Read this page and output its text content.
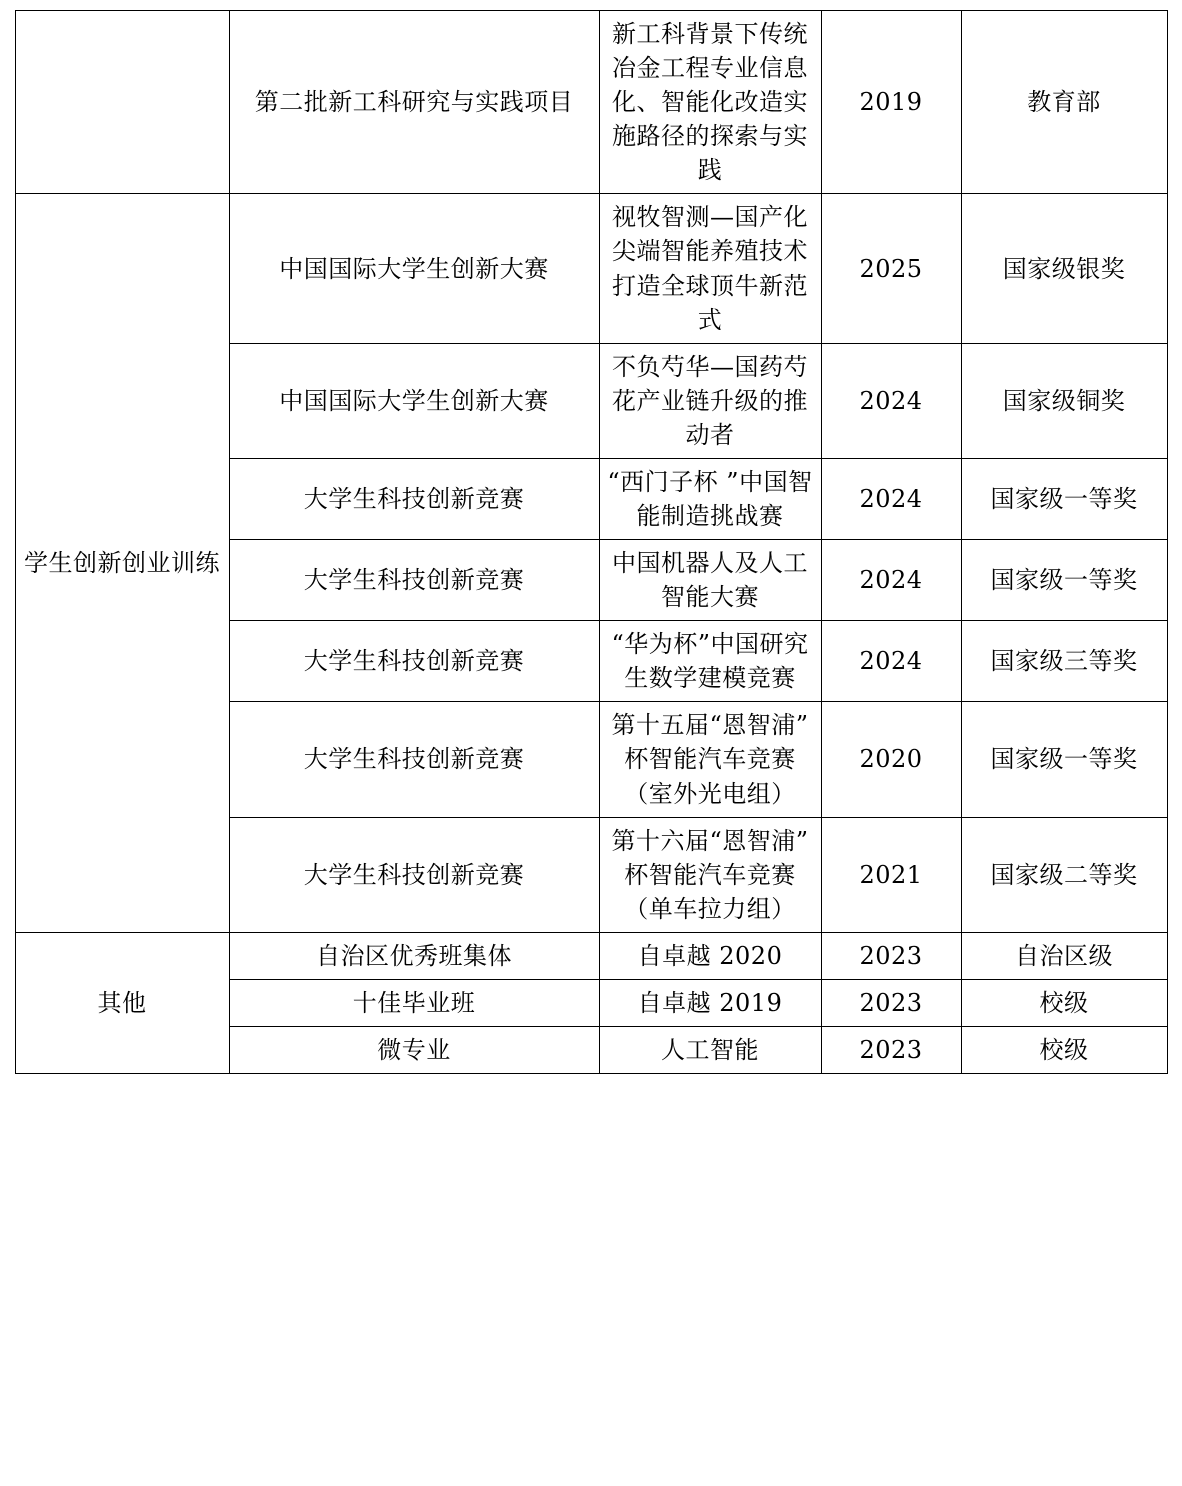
	第二批新工科研究与实践项目	新工科背景下传统冶金工程专业信息化、智能化改造实施路径的探索与实践	2019	教育部
学生创新创业训练	中国国际大学生创新大赛	视牧智测—国产化尖端智能养殖技术打造全球顶牛新范式	2025	国家级银奖
	中国国际大学生创新大赛	不负芍华—国药芍花产业链升级的推动者	2024	国家级铜奖
	大学生科技创新竞赛	“西门子杯 ”中国智能制造挑战赛	2024	国家级一等奖
	大学生科技创新竞赛	中国机器人及人工智能大赛	2024	国家级一等奖
	大学生科技创新竞赛	“华为杯”中国研究生数学建模竞赛	2024	国家级三等奖
	大学生科技创新竞赛	第十五届“恩智浦”杯智能汽车竞赛（室外光电组）	2020	国家级一等奖
	大学生科技创新竞赛	第十六届“恩智浦”杯智能汽车竞赛（单车拉力组）	2021	国家级二等奖
其他	自治区优秀班集体	自卓越 2020	2023	自治区级
	十佳毕业班	自卓越 2019	2023	校级
	微专业	人工智能	2023	校级
